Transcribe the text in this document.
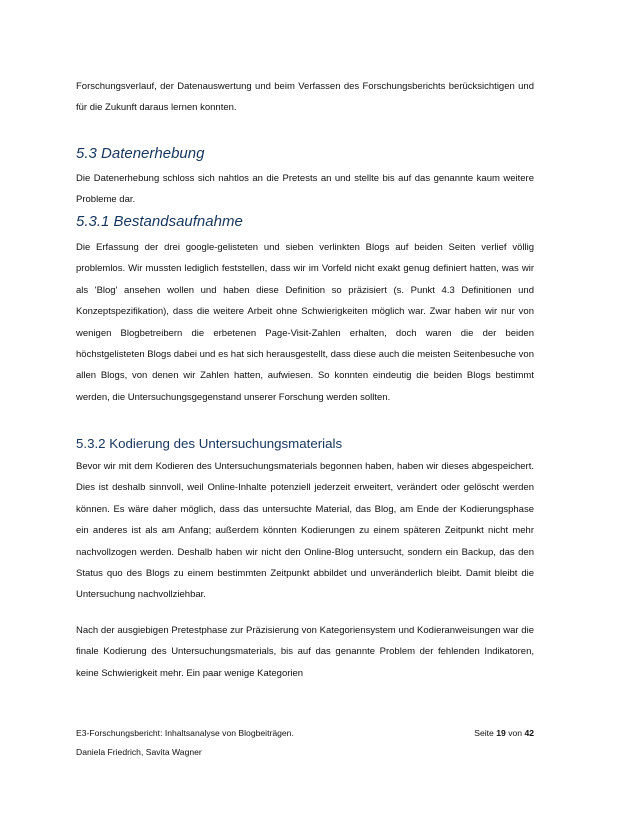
Forschungsverlauf, der Datenauswertung und beim Verfassen des Forschungsberichts berücksichtigen und für die Zukunft daraus lernen konnten.

5.3 Datenerhebung

Die Datenerhebung schloss sich nahtlos an die Pretests an und stellte bis auf das genannte kaum weitere Probleme dar.

5.3.1 Bestandsaufnahme

Die Erfassung der drei google-gelisteten und sieben verlinkten Blogs auf beiden Seiten verlief völlig problemlos. Wir mussten lediglich feststellen, dass wir im Vorfeld nicht exakt genug definiert hatten, was wir als 'Blog' ansehen wollen und haben diese Definition so präzisiert (s. Punkt 4.3 Definitionen und Konzeptspezifikation), dass die weitere Arbeit ohne Schwierigkeiten möglich war. Zwar haben wir nur von wenigen Blogbetreibern die erbetenen Page-Visit-Zahlen erhalten, doch waren die der beiden höchstgelisteten Blogs dabei und es hat sich herausgestellt, dass diese auch die meisten Seitenbesuche von allen Blogs, von denen wir Zahlen hatten, aufwiesen. So konnten eindeutig die beiden Blogs bestimmt werden, die Untersuchungsgegenstand unserer Forschung werden sollten.

5.3.2 Kodierung des Untersuchungsmaterials

Bevor wir mit dem Kodieren des Untersuchungsmaterials begonnen haben, haben wir dieses abgespeichert. Dies ist deshalb sinnvoll, weil Online-Inhalte potenziell jederzeit erweitert, verändert oder gelöscht werden können. Es wäre daher möglich, dass das untersuchte Material, das Blog, am Ende der Kodierungsphase ein anderes ist als am Anfang; außerdem könnten Kodierungen zu einem späteren Zeitpunkt nicht mehr nachvollzogen werden. Deshalb haben wir nicht den Online-Blog untersucht, sondern ein Backup, das den Status quo des Blogs zu einem bestimmten Zeitpunkt abbildet und unveränderlich bleibt. Damit bleibt die Untersuchung nachvollziehbar.

Nach der ausgiebigen Pretestphase zur Präzisierung von Kategoriensystem und Kodieranweisungen war die finale Kodierung des Untersuchungsmaterials, bis auf das genannte Problem der fehlenden Indikatoren, keine Schwierigkeit mehr. Ein paar wenige Kategorien

E3-Forschungsbericht: Inhaltsanalyse von Blogbeiträgen.	Seite 19 von 42
Daniela Friedrich, Savita Wagner
